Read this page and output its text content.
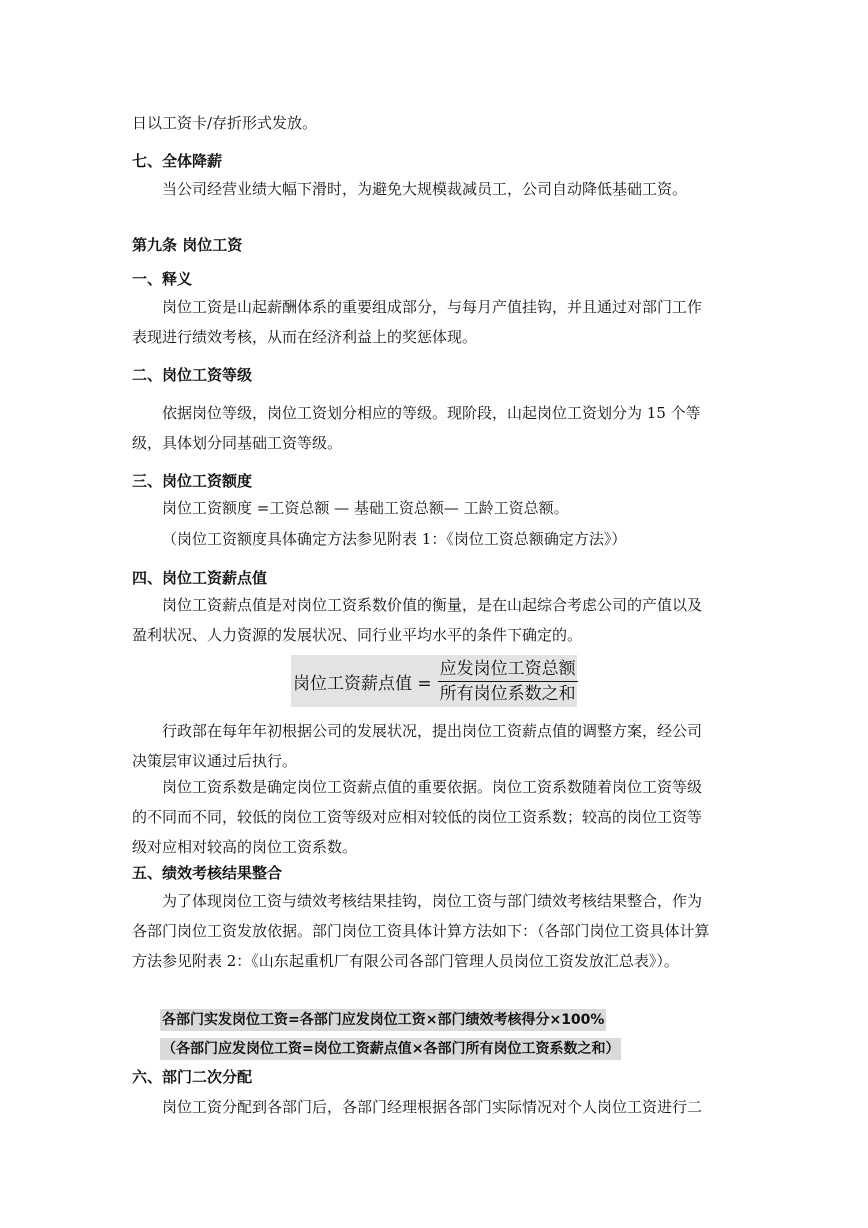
日以工资卡/存折形式发放。
七、全体降薪
当公司经营业绩大幅下滑时，为避免大规模裁减员工，公司自动降低基础工资。
第九条 岗位工资
一、释义
岗位工资是山起薪酬体系的重要组成部分，与每月产值挂钩，并且通过对部门工作表现进行绩效考核，从而在经济利益上的奖惩体现。
二、岗位工资等级
依据岗位等级，岗位工资划分相应的等级。现阶段，山起岗位工资划分为 15 个等级，具体划分同基础工资等级。
三、岗位工资额度
岗位工资额度 =工资总额 — 基础工资总额— 工龄工资总额。
（岗位工资额度具体确定方法参见附表 1：《岗位工资总额确定方法》）
四、岗位工资薪点值
岗位工资薪点值是对岗位工资系数价值的衡量，是在山起综合考虑公司的产值以及盈利状况、人力资源的发展状况、同行业平均水平的条件下确定的。
岗位工资薪点值 = $\frac{\text{应发岗位工资总额}}{\text{所有岗位系数之和}}$
行政部在每年年初根据公司的发展状况，提出岗位工资薪点值的调整方案，经公司决策层审议通过后执行。
岗位工资系数是确定岗位工资薪点值的重要依据。岗位工资系数随着岗位工资等级的不同而不同，较低的岗位工资等级对应相对较低的岗位工资系数；较高的岗位工资等级对应相对较高的岗位工资系数。
五、绩效考核结果整合
为了体现岗位工资与绩效考核结果挂钩，岗位工资与部门绩效考核结果整合，作为各部门岗位工资发放依据。部门岗位工资具体计算方法如下：（各部门岗位工资具体计算方法参见附表 2：《山东起重机厂有限公司各部门管理人员岗位工资发放汇总表》）。
各部门实发岗位工资=各部门应发岗位工资×部门绩效考核得分×100%
（各部门应发岗位工资=岗位工资薪点值×各部门所有岗位工资系数之和）
六、部门二次分配
岗位工资分配到各部门后，各部门经理根据各部门实际情况对个人岗位工资进行二
